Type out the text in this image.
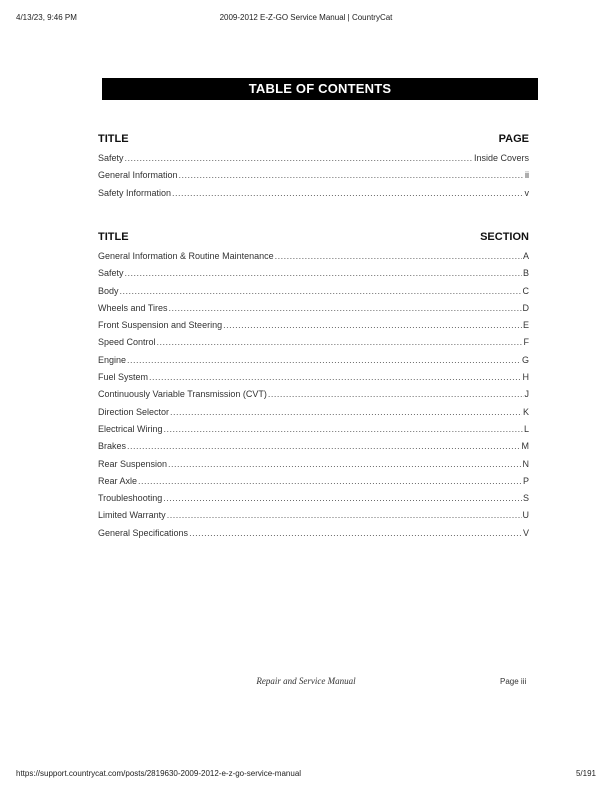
4/13/23, 9:46 PM	2009-2012 E-Z-GO Service Manual | CountryCat
TABLE OF CONTENTS
TITLE	PAGE
Safety .....	Inside Covers
General Information .....	ii
Safety Information .....	v
TITLE	SECTION
General Information & Routine Maintenance .....	A
Safety .....	B
Body .....	C
Wheels and Tires .....	D
Front Suspension and Steering .....	E
Speed Control .....	F
Engine .....	G
Fuel System .....	H
Continuously Variable Transmission (CVT) .....	J
Direction Selector .....	K
Electrical Wiring .....	L
Brakes .....	M
Rear Suspension .....	N
Rear Axle .....	P
Troubleshooting .....	S
Limited Warranty .....	U
General Specifications .....	V
Repair and Service Manual	Page iii
https://support.countrycat.com/posts/2819630-2009-2012-e-z-go-service-manual	5/191
